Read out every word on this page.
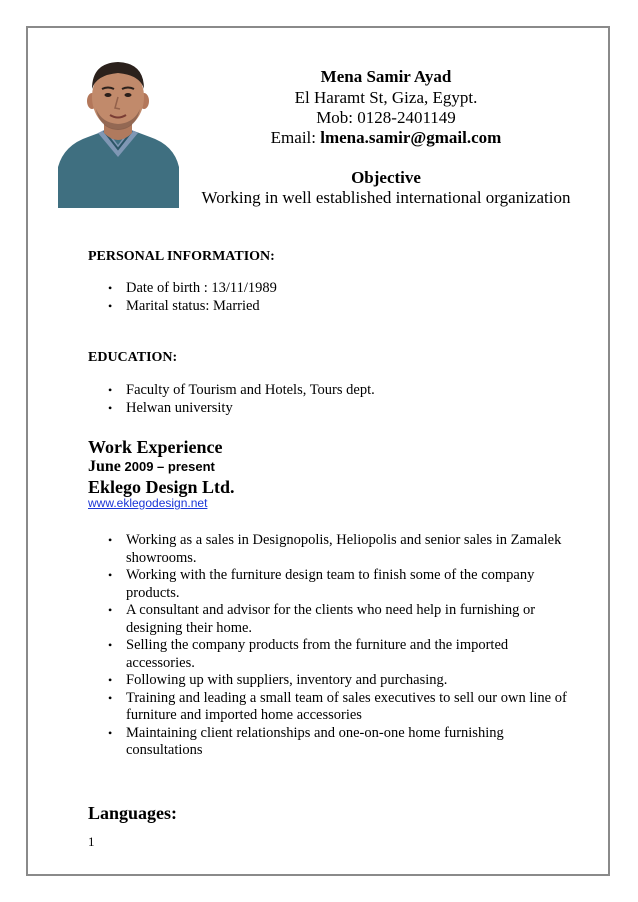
Mena Samir Ayad
El Haramt St, Giza, Egypt.
Mob: 0128-2401149
Email: lmena.samir@gmail.com
Objective
Working in well established international organization
PERSONAL INFORMATION:
• Date of birth : 13/11/1989
• Marital status: Married
EDUCATION:
• Faculty of Tourism and Hotels, Tours dept.
• Helwan university
Work Experience
June 2009 – present
Eklego Design Ltd.
www.eklegodesign.net
• Working as a sales in Designopolis, Heliopolis and senior sales in Zamalek showrooms.
• Working with the furniture design team to finish some of the company products.
• A consultant and advisor for the clients who need help in furnishing or designing their home.
• Selling the company products from the furniture and the imported accessories.
• Following up with suppliers, inventory and purchasing.
• Training and leading a small team of sales executives to sell our own line of furniture and imported home accessories
• Maintaining client relationships and one-on-one home furnishing consultations
Languages:
1
